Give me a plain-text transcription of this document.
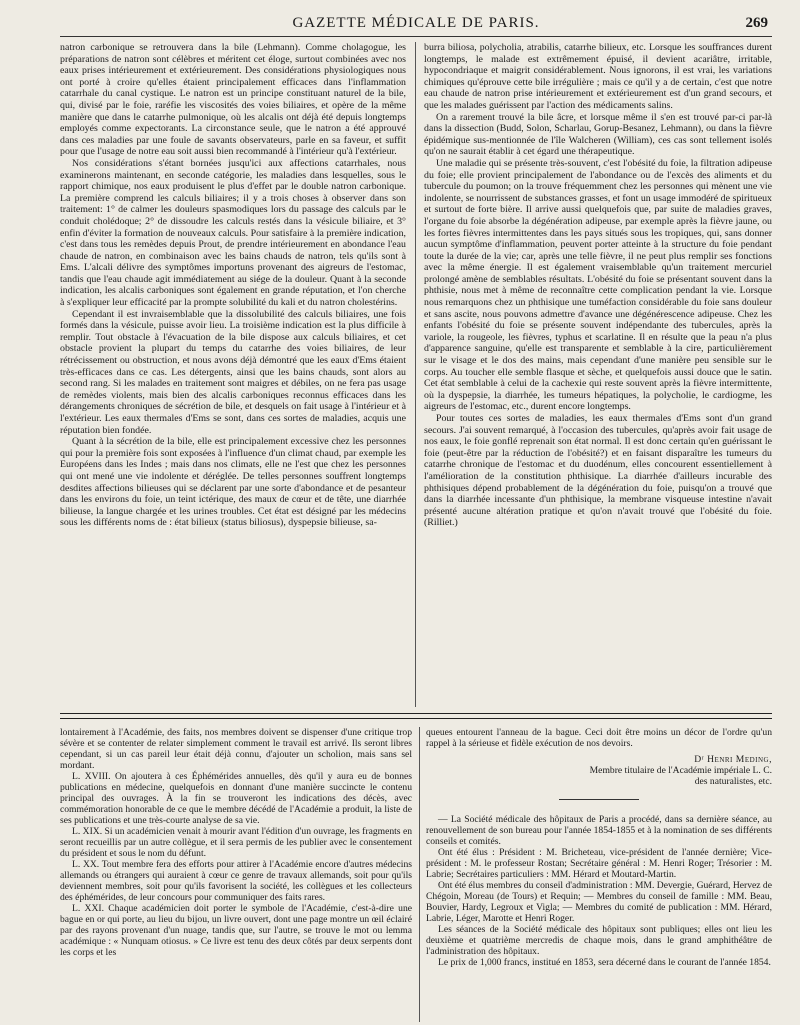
GAZETTE MÉDICALE DE PARIS.	269

natron carbonique se retrouvera dans la bile (Lehmann). Comme cholagogue, les préparations de natron sont célèbres et méritent cet éloge, surtout combinées avec nos eaux prises intérieurement et extérieurement. Des considérations physiologiques nous ont porté à croire qu'elles étaient principalement efficaces dans l'inflammation catarrhale du canal cystique. Le natron est un principe constituant naturel de la bile, qui, divisé par le foie, raréfie les viscosités des voies biliaires, et opère de la même manière que dans le catarrhe pulmonique, où les alcalis ont déjà été depuis longtemps employés comme expectorants. La circonstance seule, que le natron a été approuvé dans ces maladies par une foule de savants observateurs, parle en sa faveur, et suffit pour que l'usage de notre eau soit aussi bien recommandé à l'intérieur qu'à l'extérieur.

Nos considérations s'étant bornées jusqu'ici aux affections catarrhales, nous examinerons maintenant, en seconde catégorie, les maladies dans lesquelles, sous le rapport chimique, nos eaux produisent le plus d'effet par le double natron carbonique. La première comprend les calculs biliaires; il y a trois choses à observer dans son traitement: 1° de calmer les douleurs spasmodiques lors du passage des calculs par le conduit cholédoque; 2° de dissoudre les calculs restés dans la vésicule biliaire, et 3° enfin d'éviter la formation de nouveaux calculs. Pour satisfaire à la première indication, c'est dans tous les remèdes depuis Prout, de prendre intérieurement en abondance l'eau chaude de natron, en combinaison avec les bains chauds de natron, tels qu'ils sont à Ems. L'alcali délivre des symptômes importuns provenant des aigreurs de l'estomac, tandis que l'eau chaude agit immédiatement au siége de la douleur. Quant à la seconde indication, les alcalis carboniques sont également en grande réputation, et l'on cherche à s'expliquer leur efficacité par la prompte solubilité du kali et du natron cholestérins.

Cependant il est invraisemblable que la dissolubilité des calculs biliaires, une fois formés dans la vésicule, puisse avoir lieu. La troisième indication est la plus difficile à remplir. Tout obstacle à l'évacuation de la bile dispose aux calculs biliaires, et cet obstacle provient la plupart du temps du catarrhe des voies biliaires, de leur rétrécissement ou obstruction, et nous avons déjà démontré que les eaux d'Ems étaient très-efficaces dans ce cas. Les détergents, ainsi que les bains chauds, sont alors au second rang. Si les malades en traitement sont maigres et débiles, on ne fera pas usage de remèdes violents, mais bien des alcalis carboniques reconnus efficaces dans les dérangements chroniques de sécrétion de bile, et desquels on fait usage à l'intérieur et à l'extérieur. Les eaux thermales d'Ems se sont, dans ces sortes de maladies, acquis une réputation bien fondée.

Quant à la sécrétion de la bile, elle est principalement excessive chez les personnes qui pour la première fois sont exposées à l'influence d'un climat chaud, par exemple les Européens dans les Indes ; mais dans nos climats, elle ne l'est que chez les personnes qui ont mené une vie indolente et déréglée. De telles personnes souffrent longtemps desdites affections bilieuses qui se déclarent par une sorte d'abondance et de pesanteur dans les environs du foie, un teint ictérique, des maux de cœur et de tête, une diarrhée bilieuse, la langue chargée et les urines troubles. Cet état est désigné par les médecins sous les différents noms de : état bilieux (status biliosus), dyspepsie bilieuse, sa-

burra biliosa, polycholia, atrabilis, catarrhe bilieux, etc. Lorsque les souffrances durent longtemps, le malade est extrêmement épuisé, il devient acariâtre, irritable, hypocondriaque et maigrit considérablement. Nous ignorons, il est vrai, les variations chimiques qu'éprouve cette bile irrégulière ; mais ce qu'il y a de certain, c'est que notre eau chaude de natron prise intérieurement et extérieurement est d'un grand secours, et que les malades guérissent par l'action des médicaments salins.

On a rarement trouvé la bile âcre, et lorsque même il s'en est trouvé par-ci par-là dans la dissection (Budd, Solon, Scharlau, Gorup-Besanez, Lehmann), ou dans la fièvre épidémique sus-mentionnée de l'île Walcheren (William), ces cas sont tellement isolés qu'on ne saurait établir à cet égard une thérapeutique.

Une maladie qui se présente très-souvent, c'est l'obésité du foie, la filtration adipeuse du foie; elle provient principalement de l'abondance ou de l'excès des aliments et du tubercule du poumon; on la trouve fréquemment chez les personnes qui mènent une vie indolente, se nourrissent de substances grasses, et font un usage immodéré de spiritueux et surtout de forte bière. Il arrive aussi quelquefois que, par suite de maladies graves, l'organe du foie absorbe la dégénération adipeuse, par exemple après la fièvre jaune, ou les fortes fièvres intermittentes dans les pays situés sous les tropiques, qui, sans donner aucun symptôme d'inflammation, peuvent porter atteinte à la structure du foie pendant toute la durée de la vie; car, après une telle fièvre, il ne peut plus remplir ses fonctions avec la même énergie. Il est également vraisemblable qu'un traitement mercuriel prolongé amène de semblables résultats. L'obésité du foie se présentant souvent dans la phthisie, nous met à même de reconnaître cette complication pendant la vie. Lorsque nous remarquons chez un phthisique une tuméfaction considérable du foie sans douleur et sans ascite, nous pouvons admettre d'avance une dégénérescence adipeuse. Chez les enfants l'obésité du foie se présente souvent indépendante des tubercules, après la variole, la rougeole, les fièvres, typhus et scarlatine. Il en résulte que la peau n'a plus d'apparence sanguine, qu'elle est transparente et semblable à la cire, particulièrement sur le visage et le dos des mains, mais cependant d'une manière peu sensible sur le corps. Au toucher elle semble flasque et sèche, et quelquefois aussi douce que le satin. Cet état semblable à celui de la cachexie qui reste souvent après la fièvre intermittente, où la dyspepsie, la diarrhée, les tumeurs hépatiques, la polycholie, le cardiogme, les aigreurs de l'estomac, etc., durent encore longtemps.

Pour toutes ces sortes de maladies, les eaux thermales d'Ems sont d'un grand secours. J'ai souvent remarqué, à l'occasion des tubercules, qu'après avoir fait usage de nos eaux, le foie gonflé reprenait son état normal. Il est donc certain qu'en guérissant le foie (peut-être par la réduction de l'obésité?) et en faisant disparaître les tumeurs du catarrhe chronique de l'estomac et du duodénum, elles concourent essentiellement à l'amélioration de la constitution phthisique. La diarrhée d'ailleurs incurable des phthisiques dépend probablement de la dégénération du foie, puisqu'on a trouvé que dans la diarrhée incessante d'un phthisique, la membrane visqueuse intestine n'avait présenté aucune altération pratique et qu'on n'avait trouvé que l'obésité du foie. (Rilliet.)

lontairement à l'Académie, des faits, nos membres doivent se dispenser d'une critique trop sévère et se contenter de relater simplement comment le travail est arrivé. Ils seront libres cependant, si un cas pareil leur était déjà connu, d'ajouter un scholion, mais sans sel mordant.

L. XVIII. On ajoutera à ces Éphémérides annuelles, dès qu'il y aura eu de bonnes publications en médecine, quelquefois en donnant d'une manière succincte le contenu principal des ouvrages. À la fin se trouveront les indications des décès, avec commémoration honorable de ce que le membre décédé de l'Académie a produit, la liste de ses publications et une très-courte analyse de sa vie.

L. XIX. Si un académicien venait à mourir avant l'édition d'un ouvrage, les fragments en seront recueillis par un autre collègue, et il sera permis de les publier avec le consentement du président et sous le nom du défunt.

L. XX. Tout membre fera des efforts pour attirer à l'Académie encore d'autres médecins allemands ou étrangers qui auraient à cœur ce genre de travaux allemands, soit pour qu'ils deviennent membres, soit pour qu'ils favorisent la société, les collègues et les collecteurs des éphémérides, de leur concours pour communiquer des faits rares.

L. XXI. Chaque académicien doit porter le symbole de l'Académie, c'est-à-dire une bague en or qui porte, au lieu du bijou, un livre ouvert, dont une page montre un œil éclairé par des rayons provenant d'un nuage, tandis que, sur l'autre, se trouve le mot ou lemma académique : « Nunquam otiosus. » Ce livre est tenu des deux côtés par deux serpents dont les corps et les

queues entourent l'anneau de la bague. Ceci doit être moins un décor de l'ordre qu'un rappel à la sérieuse et fidèle exécution de nos devoirs.

Dʳ Henri Meding,
Membre titulaire de l'Académie impériale L. C.
des naturalistes, etc.

— La Société médicale des hôpitaux de Paris a procédé, dans sa dernière séance, au renouvellement de son bureau pour l'année 1854-1855 et à la nomination de ses différents conseils et comités.

Ont été élus : Président : M. Bricheteau, vice-président de l'année dernière; Vice-président : M. le professeur Rostan; Secrétaire général : M. Henri Roger; Trésorier : M. Labrie; Secrétaires particuliers : MM. Hérard et Moutard-Martin.

Ont été élus membres du conseil d'administration : MM. Devergie, Guérard, Hervez de Chégoin, Moreau (de Tours) et Requin; — Membres du conseil de famille : MM. Beau, Bouvier, Hardy, Legroux et Vigla; — Membres du comité de publication : MM. Hérard, Labrie, Léger, Marotte et Henri Roger.

Les séances de la Société médicale des hôpitaux sont publiques; elles ont lieu les deuxième et quatrième mercredis de chaque mois, dans le grand amphithéâtre de l'administration des hôpitaux.

Le prix de 1,000 francs, institué en 1853, sera décerné dans le courant de l'année 1854.
